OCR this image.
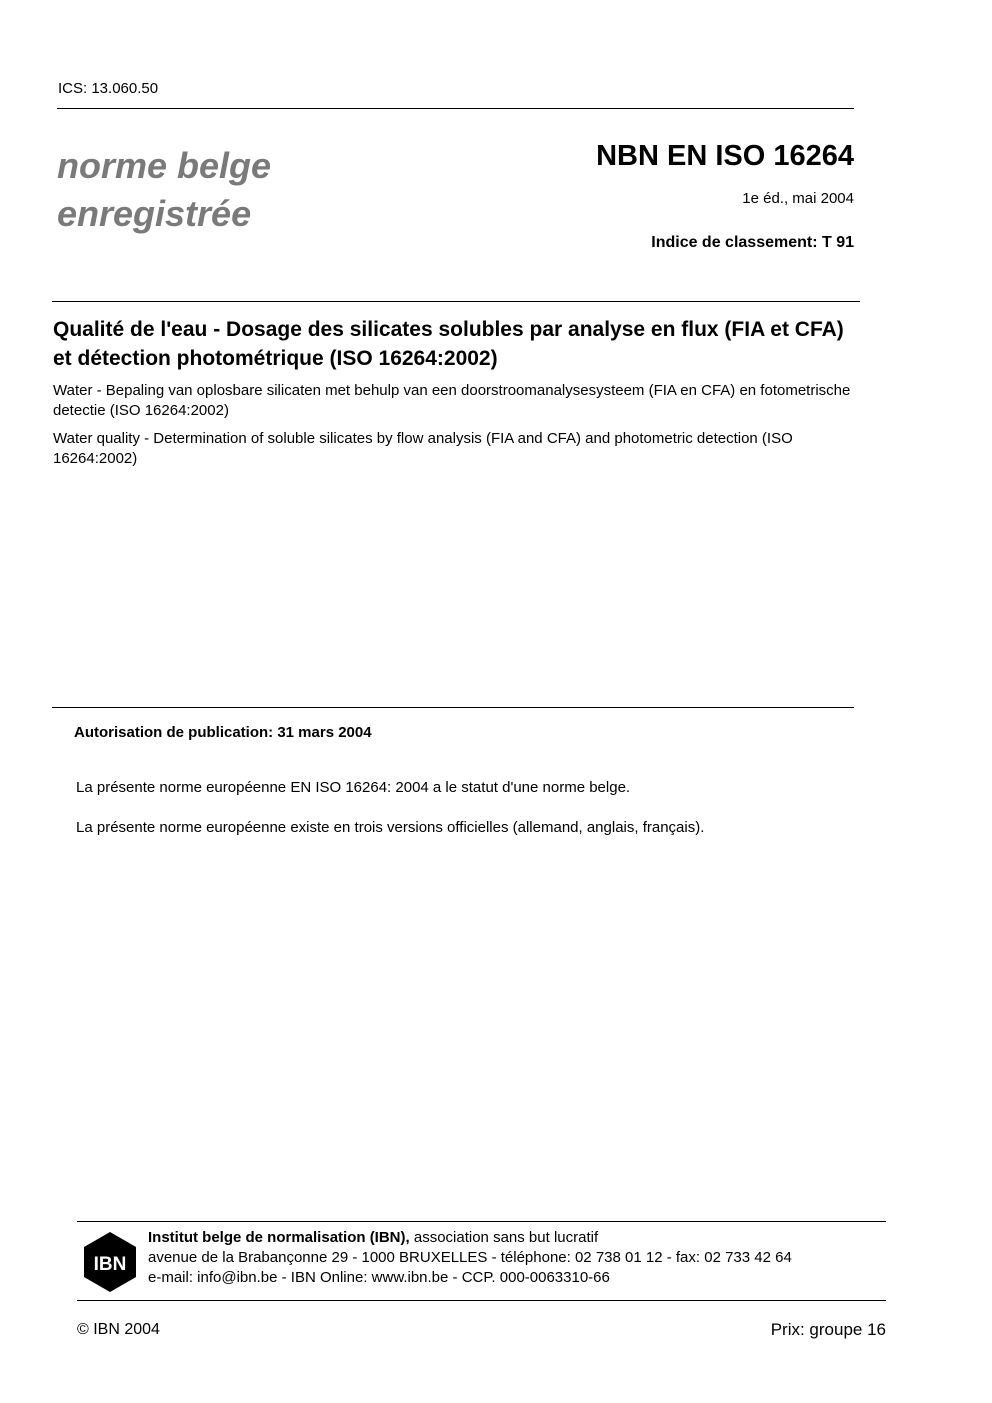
ICS: 13.060.50
norme belge
enregistrée
NBN EN ISO 16264
1e éd., mai 2004
Indice de classement: T 91
Qualité de l'eau - Dosage des silicates solubles par analyse en flux (FIA et CFA) et détection photométrique (ISO 16264:2002)
Water - Bepaling van oplosbare silicaten met behulp van een doorstroomanalysesysteem (FIA en CFA) en fotometrische detectie (ISO 16264:2002)
Water quality - Determination of soluble silicates by flow analysis (FIA and CFA) and photometric detection (ISO 16264:2002)
Autorisation de publication: 31 mars 2004
La présente norme européenne EN ISO 16264: 2004 a le statut d'une norme belge.
La présente norme européenne existe en trois versions officielles (allemand, anglais, français).
IBN
Institut belge de normalisation (IBN), association sans but lucratif
avenue de la Brabançonne 29 - 1000 BRUXELLES - téléphone: 02 738 01 12 - fax: 02 733 42 64
e-mail: info@ibn.be - IBN Online: www.ibn.be - CCP. 000-0063310-66
© IBN 2004	Prix: groupe 16
